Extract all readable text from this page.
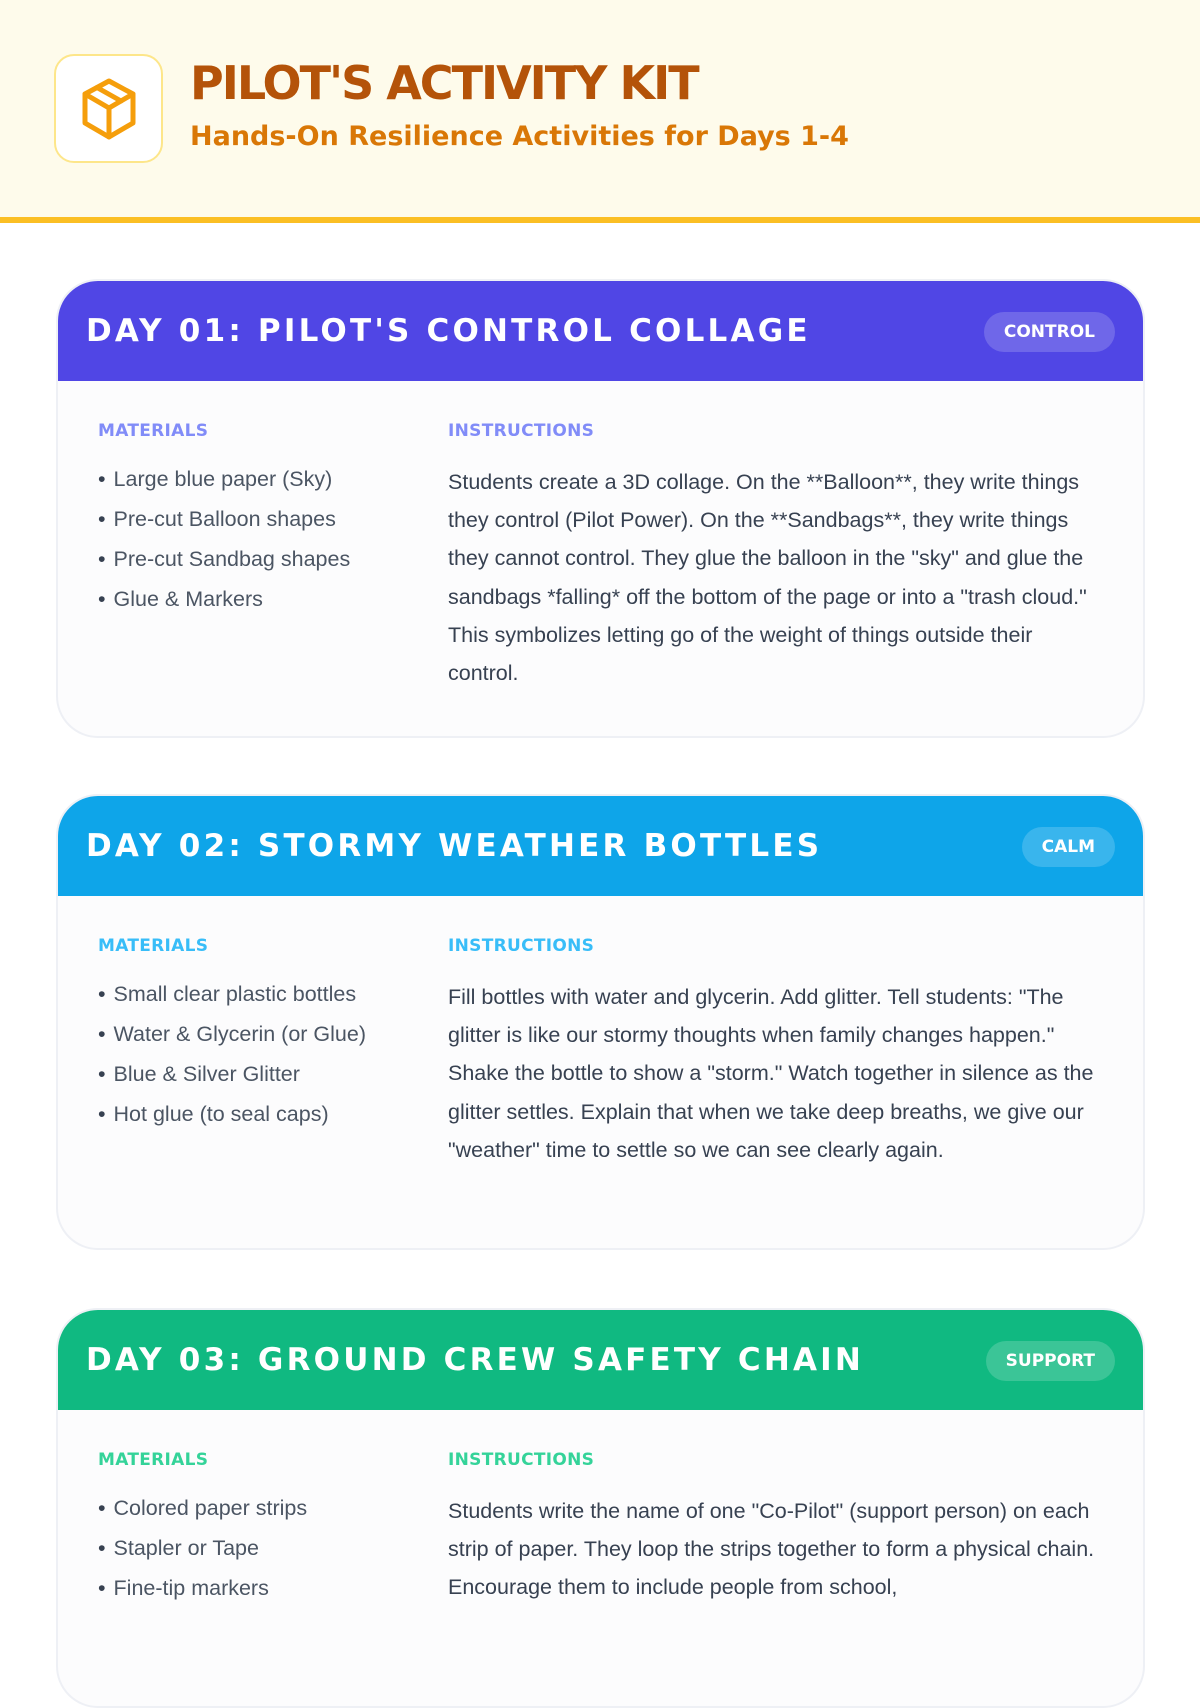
PILOT'S ACTIVITY KIT
Hands-On Resilience Activities for Days 1-4
DAY 01: PILOT'S CONTROL COLLAGE	CONTROL
MATERIALS
• Large blue paper (Sky)
• Pre-cut Balloon shapes
• Pre-cut Sandbag shapes
• Glue & Markers
INSTRUCTIONS
Students create a 3D collage. On the **Balloon**, they write things they control (Pilot Power). On the **Sandbags**, they write things they cannot control. They glue the balloon in the "sky" and glue the sandbags *falling* off the bottom of the page or into a "trash cloud." This symbolizes letting go of the weight of things outside their control.
DAY 02: STORMY WEATHER BOTTLES	CALM
MATERIALS
• Small clear plastic bottles
• Water & Glycerin (or Glue)
• Blue & Silver Glitter
• Hot glue (to seal caps)
INSTRUCTIONS
Fill bottles with water and glycerin. Add glitter. Tell students: "The glitter is like our stormy thoughts when family changes happen." Shake the bottle to show a "storm." Watch together in silence as the glitter settles. Explain that when we take deep breaths, we give our "weather" time to settle so we can see clearly again.
DAY 03: GROUND CREW SAFETY CHAIN	SUPPORT
MATERIALS
• Colored paper strips
• Stapler or Tape
• Fine-tip markers
INSTRUCTIONS
Students write the name of one "Co-Pilot" (support person) on each strip of paper. They loop the strips together to form a physical chain. Encourage them to include people from school,
